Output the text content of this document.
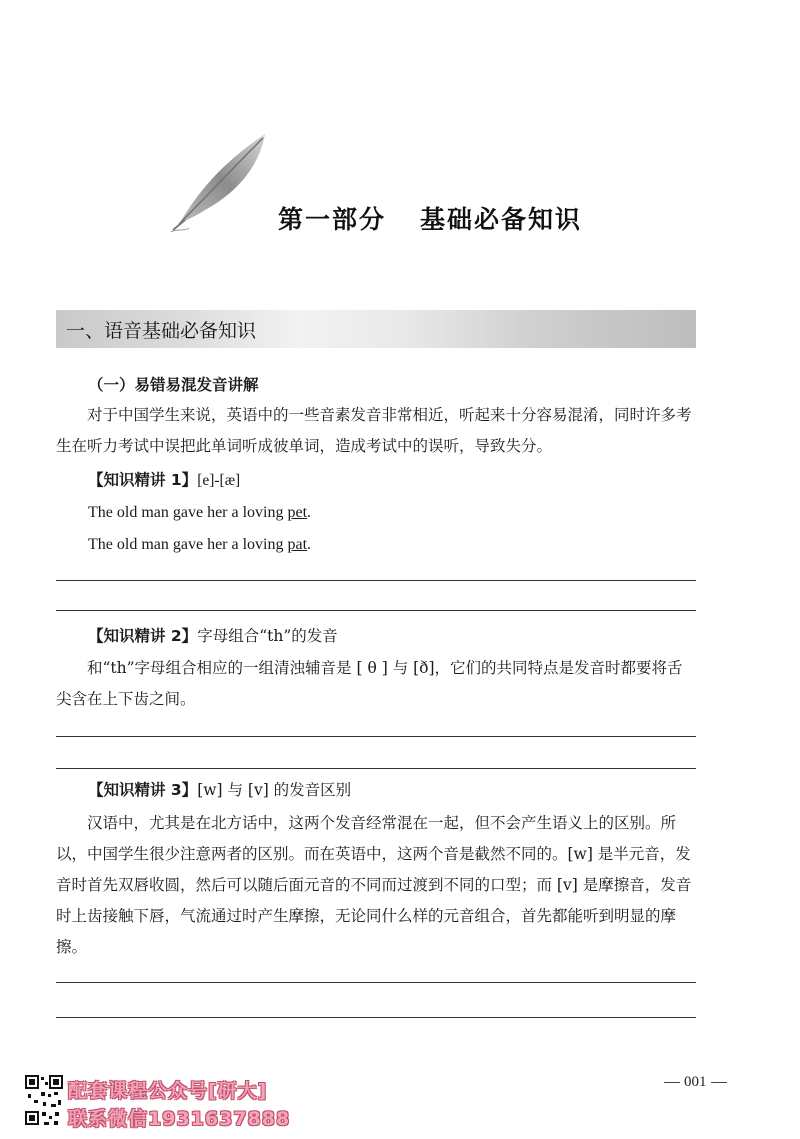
第一部分 基础必备知识
一、语音基础必备知识
（一）易错易混发音讲解
对于中国学生来说，英语中的一些音素发音非常相近，听起来十分容易混淆，同时许多考生在听力考试中误把此单词听成彼单词，造成考试中的误听，导致失分。
【知识精讲 1】[e]-[æ]
The old man gave her a loving pet.
The old man gave her a loving pat.
【知识精讲 2】字母组合“th”的发音
和“th”字母组合相应的一组清浊辅音是 [ θ ] 与 [ð]，它们的共同特点是发音时都要将舌尖含在上下齿之间。
【知识精讲 3】[w] 与 [v] 的发音区别
汉语中，尤其是在北方话中，这两个发音经常混在一起，但不会产生语义上的区别。所以，中国学生很少注意两者的区别。而在英语中，这两个音是截然不同的。[w] 是半元音，发音时首先双唇收圆，然后可以随后面元音的不同而过渡到不同的口型；而 [v] 是摩擦音，发音时上齿接触下唇，气流通过时产生摩擦，无论同什么样的元音组合，首先都能听到明显的摩擦。
001
配套课程公众号[研大]
联系微信1931637888
